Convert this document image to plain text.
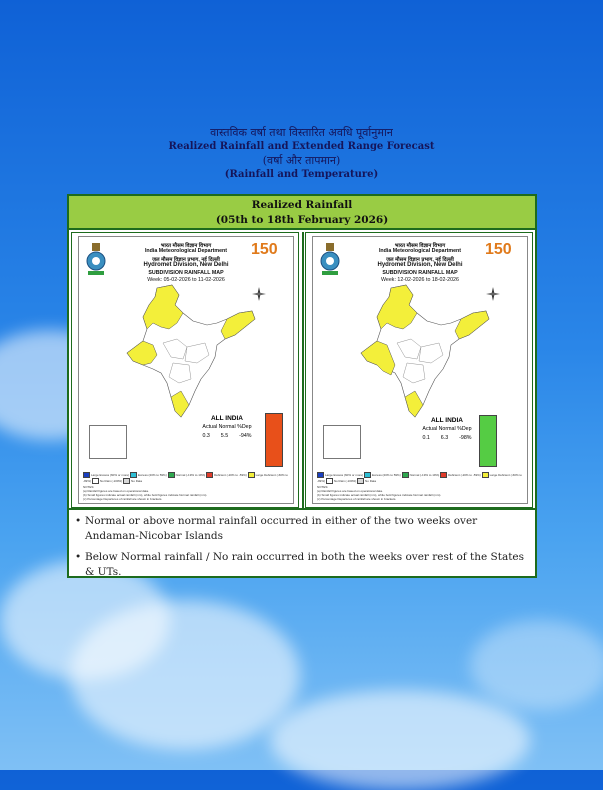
वास्तविक वर्षा तथा विस्तारित अवधि पूर्वानुमान
Realized Rainfall and Extended Range Forecast
(वर्षा और तापमान)
(Rainfall and Temperature)
Realized Rainfall
(05th to 18th February 2026)
150
भारत मौसम विज्ञान विभाग
India Meteorological Department
जल मौसम विज्ञान प्रभाग, नई दिल्ली
Hydromet Division, New Delhi
SUBDIVISION RAINFALL MAP
Week: 05-02-2026 to 11-02-2026
ALL INDIA
Actual Normal %Dep
0.3 5.5 -94%
Large Excess (60% or more)	Excess (20% to 59%)	Normal (-19% to 19%)	Deficient (-20% to -59%)	Large Deficient (-60% to -99%)	No Rain (-100%)	No Data
NOTES:
(a) Rainfall figures are based on operational data.
(b) Small figures indicate actual rainfall (mm), while bold figures indicate Normal rainfall (mm).
(c) Percentage Departures of rainfall are shown in brackets.
150
भारत मौसम विज्ञान विभाग
India Meteorological Department
जल मौसम विज्ञान प्रभाग, नई दिल्ली
Hydromet Division, New Delhi
SUBDIVISION RAINFALL MAP
Week: 12-02-2026 to 18-02-2026
ALL INDIA
Actual Normal %Dep
0.1 6.3 -98%
Large Excess (60% or more)	Excess (20% to 59%)	Normal (-19% to 19%)	Deficient (-20% to -59%)	Large Deficient (-60% to -99%)	No Rain (-100%)	No Data
NOTES:
(a) Rainfall figures are based on operational data.
(b) Small figures indicate actual rainfall (mm), while bold figures indicate Normal rainfall (mm).
(c) Percentage Departures of rainfall are shown in brackets.
• Normal or above normal rainfall occurred in either of the two weeks over Andaman-Nicobar Islands
• Below Normal rainfall / No rain occurred in both the weeks over rest of the States & UTs.
